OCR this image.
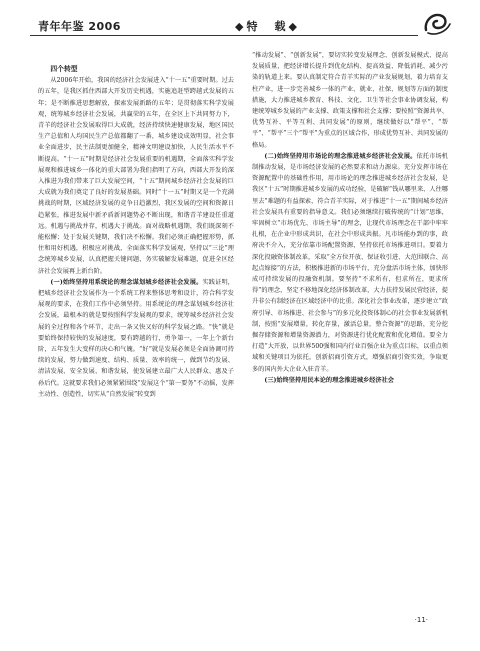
青年年鉴 2006	◆特　载◆

四个转型

从2006年开始，我国的经济社会发展进入“十一五”重要时期。过去的五年，是我区抓住西部大开发历史机遇，实施追赶型跨越式发展的五年；是不断推进思想解放，探索发展新路的五年；是贯彻落实科学发展观，统筹城乡经济社会发展，共赢荣的五年，在全区上下共同努力下，青羊的经济社会发展取得巨大成就，经济持续快速健康发展，地区国民生产总值和人均国民生产总值都翻了一番，城乡建设成效明显，社会事业全面进步，民主法制更加健全，精神文明建设加快，人民生活水平不断提高。“十一五”时期是经济社会发展重要的机遇期，全面落实科学发展观和推进城乡一体化的重大部署为我们指明了方向，西部大开发的深入推进为我们带来了巨大发展空间，“十五”期间城乡经济社会发展的巨大成就为我们奠定了良好的发展基础。同时“十一五”时期又是一个充满挑战的时期，区域经济发展的竞争日趋激烈，我区发展的空间和资源日趋紧张，推进发展中新矛盾新问题势必不断出现，和谐青羊建设任重道远。机遇与挑战并存，机遇大于挑战。面对战略机遇期，我们既深刻不能松懈；处于发展关键期，我们决不松懈。我们必须正确把握形势，抓住和用好机遇，积极应对挑战，全面落实科学发展观，坚持以“三论”理念统筹城乡发展，认真把握关键问题，务实破解发展难题，促进全区经济社会发展再上新台阶。

(一)始终坚持用系统论的理念谋划城乡经济社会发展。实践证明，把城乡经济社会发展作为一个系统工程来整体思考和设计，符合科学发展观的要求，在我们工作中必须坚持。用系统论的理念谋划城乡经济社会发展，最根本的就是要按照科学发展观的要求，统筹城乡经济社会发展的全过程和各个环节，走出一条又快又好的科学发展之路。“快”就是要始终保持较快的发展速度，要有跨越的行，勇争第一，一年上个新台阶，五年发生大变样的决心和气魄。“好”就是发展必须是全面协调可持续的发展，努力做到速度、结构、质量、效率的统一，做到节约发展、清洁发展、安全发展、和谐发展，使发展建立最广大人民群众、惠及子孙后代。这就要求我们必须紧紧围绕“发展这个“第一要务”不动摇，发挥主动性、创造性，切实从“自然发展”转变到

“推动发展”、“创新发展”，要切实转变发展理念、创新发展模式、提高发展质量，把经济增长提升到优化结构、提高效益、降低消耗、减少污染的轨道上来。要认真制定符合青羊实际的产业发展规划，着力培育支柱产业，进一步完善城乡一体的产业、就业、社保、规划等方面的制度措施，大力推进城乡教育、科技、文化、卫生等社会事业协调发展，构建统筹城乡发展的产业支撑、政策支撑和社会支撑；要按照“资源共享、优势互补、平等互利、共同发展”的原则，继续做好以“帮平”、“帮平”、“帮平”三个“帮平”为重点的区域合作，形成优势互补、共同发展的格局。

(二)始终坚持用市场论的理念推进城乡经济社会发展。依托市场机制推动发展，是市场经济发展的必然要求和动力源泉。充分发挥市场在资源配置中的基础性作用，用市场论的理念推进城乡经济社会发展，是我区“十五”时期推进城乡发展的成功经验，是破解“钱从哪里来、人往哪里去”难题的有益探索，符合青羊实际，对于推进“十一五”期间城乡经济社会发展具有重要的指导意义。我们必须继续打破传统的“计划”思维，牢固树立“市场优先、市场主导”的理念，让现代市场理念在干部中牢牢扎根，在企业中形成共识，在社会中形成共振。凡市场能办到的事，政府决不介入，充分依靠市场配置资源，坚持依托市场推进项目。要着力深化投融资体制改革，采取“全方位开放、保证收引进、大范围联合、高起点嫁接”的方法，积极推进新的市场平台，充分盘活市场主体，加快形成可持续发展的投融资机制。要坚持“不求所有，但求所在，更求所得”的理念，坚定不移地深化经济体制改革，大力扶持发展民营经济，提升非公有制经济在区域经济中的比重。深化社会事业改革，逐步建立“政府引导、市场推进、社会参与”的多元化投资体制心的社会事业发展新机制，按照“发展增量，转化存量，激活总量，整合资源”的思路，充分挖掘存储资源和增量资源潜力，对资源进行优化配置和优化增值。要全力打造“大开放，以世界500强和国内行业百强企业为重点目标，以重点领域和关键项目为依托，创新招商引资方式，增强招商引资实效，争取更多的国内外大企业入驻青羊。

(三)始终坚持用民本论的理念推进城乡经济社会

·11·
